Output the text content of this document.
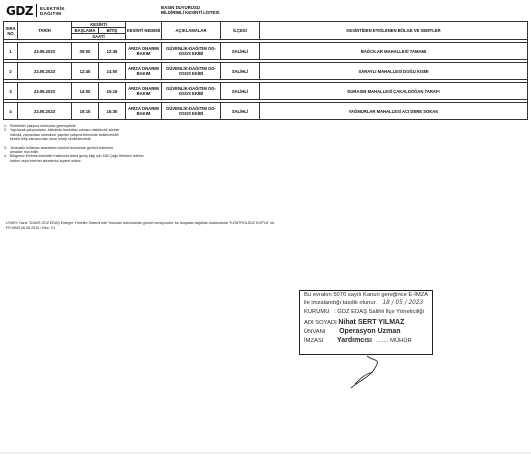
GDZ ELEKTRİK
DAĞITIM
BASIN DUYURUSU
BİLDİRİMLİ KESİNTİ LİSTESİ
SIRA NO	TARİH	KESİNTİ		KESİNTİ NEDENİ	AÇIKLAMALAR	İLÇESİ	KESİNTİDEN ETKİLENEN BÖLGE VE SEMTLER
		BAŞLAMA	BİTİŞ				
		SAATİ					

1	23.05.2023	09:00	12:45	ARIZA ONARIM BAKIM	GÜVENLİK-DAĞITIM OG-OSOS EKİBİ	SALİHLİ	BAĞCILAR MAHALLESİ TAMAMI

2	23.05.2023	12:45	14:00	ARIZA ONARIM BAKIM	GÜVENLİK-DAĞITIM OG-OSOS EKİBİ	SALİHLİ	SARAYLI MAHALLESİ DOĞU KISMI

3	23.05.2023	14:00	15:15	ARIZA ONARIM BAKIM	GÜVENLİK-DAĞITIM OG-OSOS EKİBİ	SALİHLİ	DURASIN MAHALLESİ ÇAKALDOĞAN TARAFI

4	23.05.2023	15:15	16:30	ARIZA ONARIM BAKIM	GÜVENLİK-DAĞITIM OG-OSOS EKİBİ	SALİHLİ	YAĞMURLAR MAHALLESİ ACI DERE SOKAK
1. Elektrikler çalışma süresince gelmeyebilir
2. Yapılacak çalışmaların, bitiminde kesintisiz zamanı olabilecek süreler
hatırda, zamandan süresince yapılan çalışma bitiminde beklenmedik
kesinti bitiş zamanından önce enerji verilebilecektir.
3. Jeneratör kullanan abonelerin kesinti öncesinde gerekli önlemleri
almaları rica edilir.
4. Bölgemiz Elektrik kesintileri hakkında daha geniş bilgi için 186 Çağrı Merkezi telefon
hattını veya internet adresimizi ziyaret ediniz.
UYARI: Yazılı "GDMS GDZ EDAŞ Entegre Yönetim Sistemi'nde" bulunan dokümanlar güncel versiyondur; bu dosyalar dağıtılan dokümanlar "KONTROLSÜZ KOPYA" dır.
FR.WM3.06.08.2015 / Rev.: 01
Bu evrakın 5070 sayılı Kanun gereğince E-İMZA
ile imzalandığı tasdik olunur. 18 / 05 / 2023
KURUMU : GDZ EDAŞ Salihli İlçe Yöneticiliği
ADI SOYADI Nihat SERT YILMAZ
ÜNVANI Operasyon Uzman
İMZASI Yardımcısı ........ MÜHÜR
